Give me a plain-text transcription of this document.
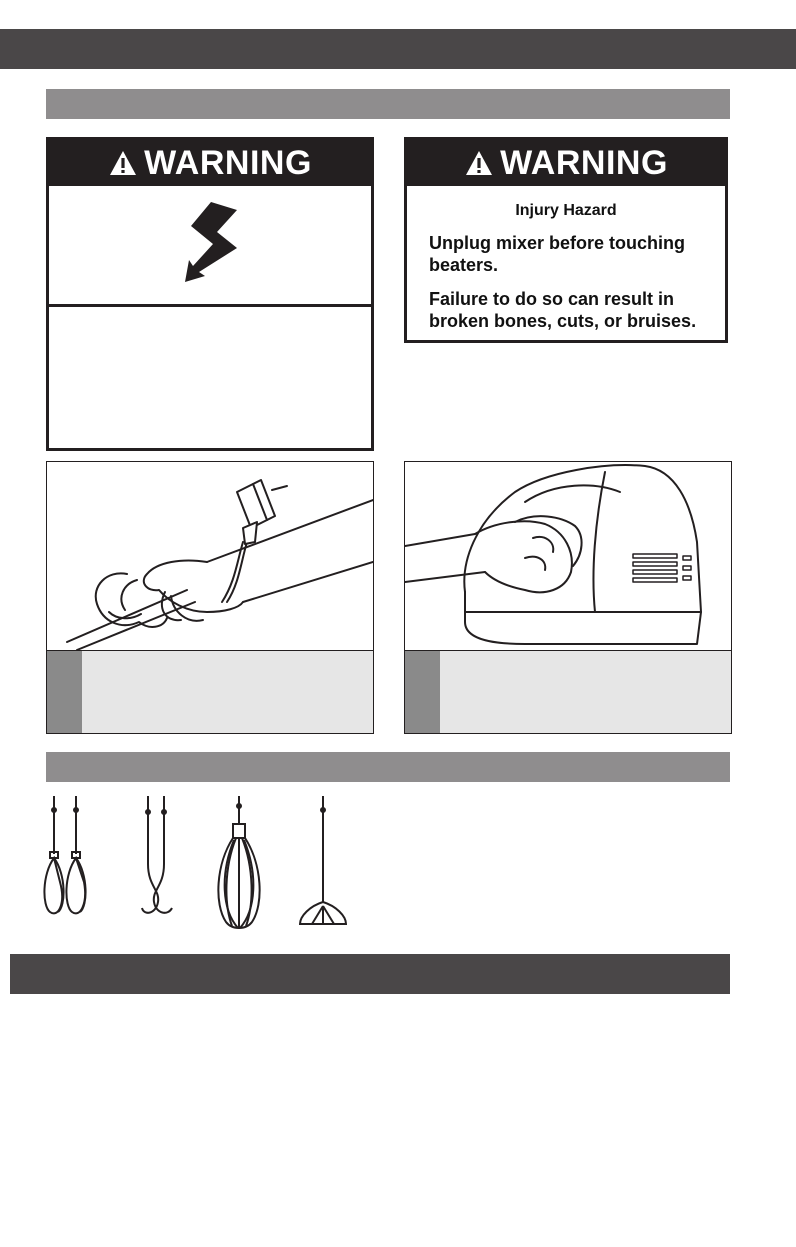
WARNING	WARNING
Injury Hazard
Unplug mixer before touching beaters.
Failure to do so can result in broken bones, cuts, or bruises.
